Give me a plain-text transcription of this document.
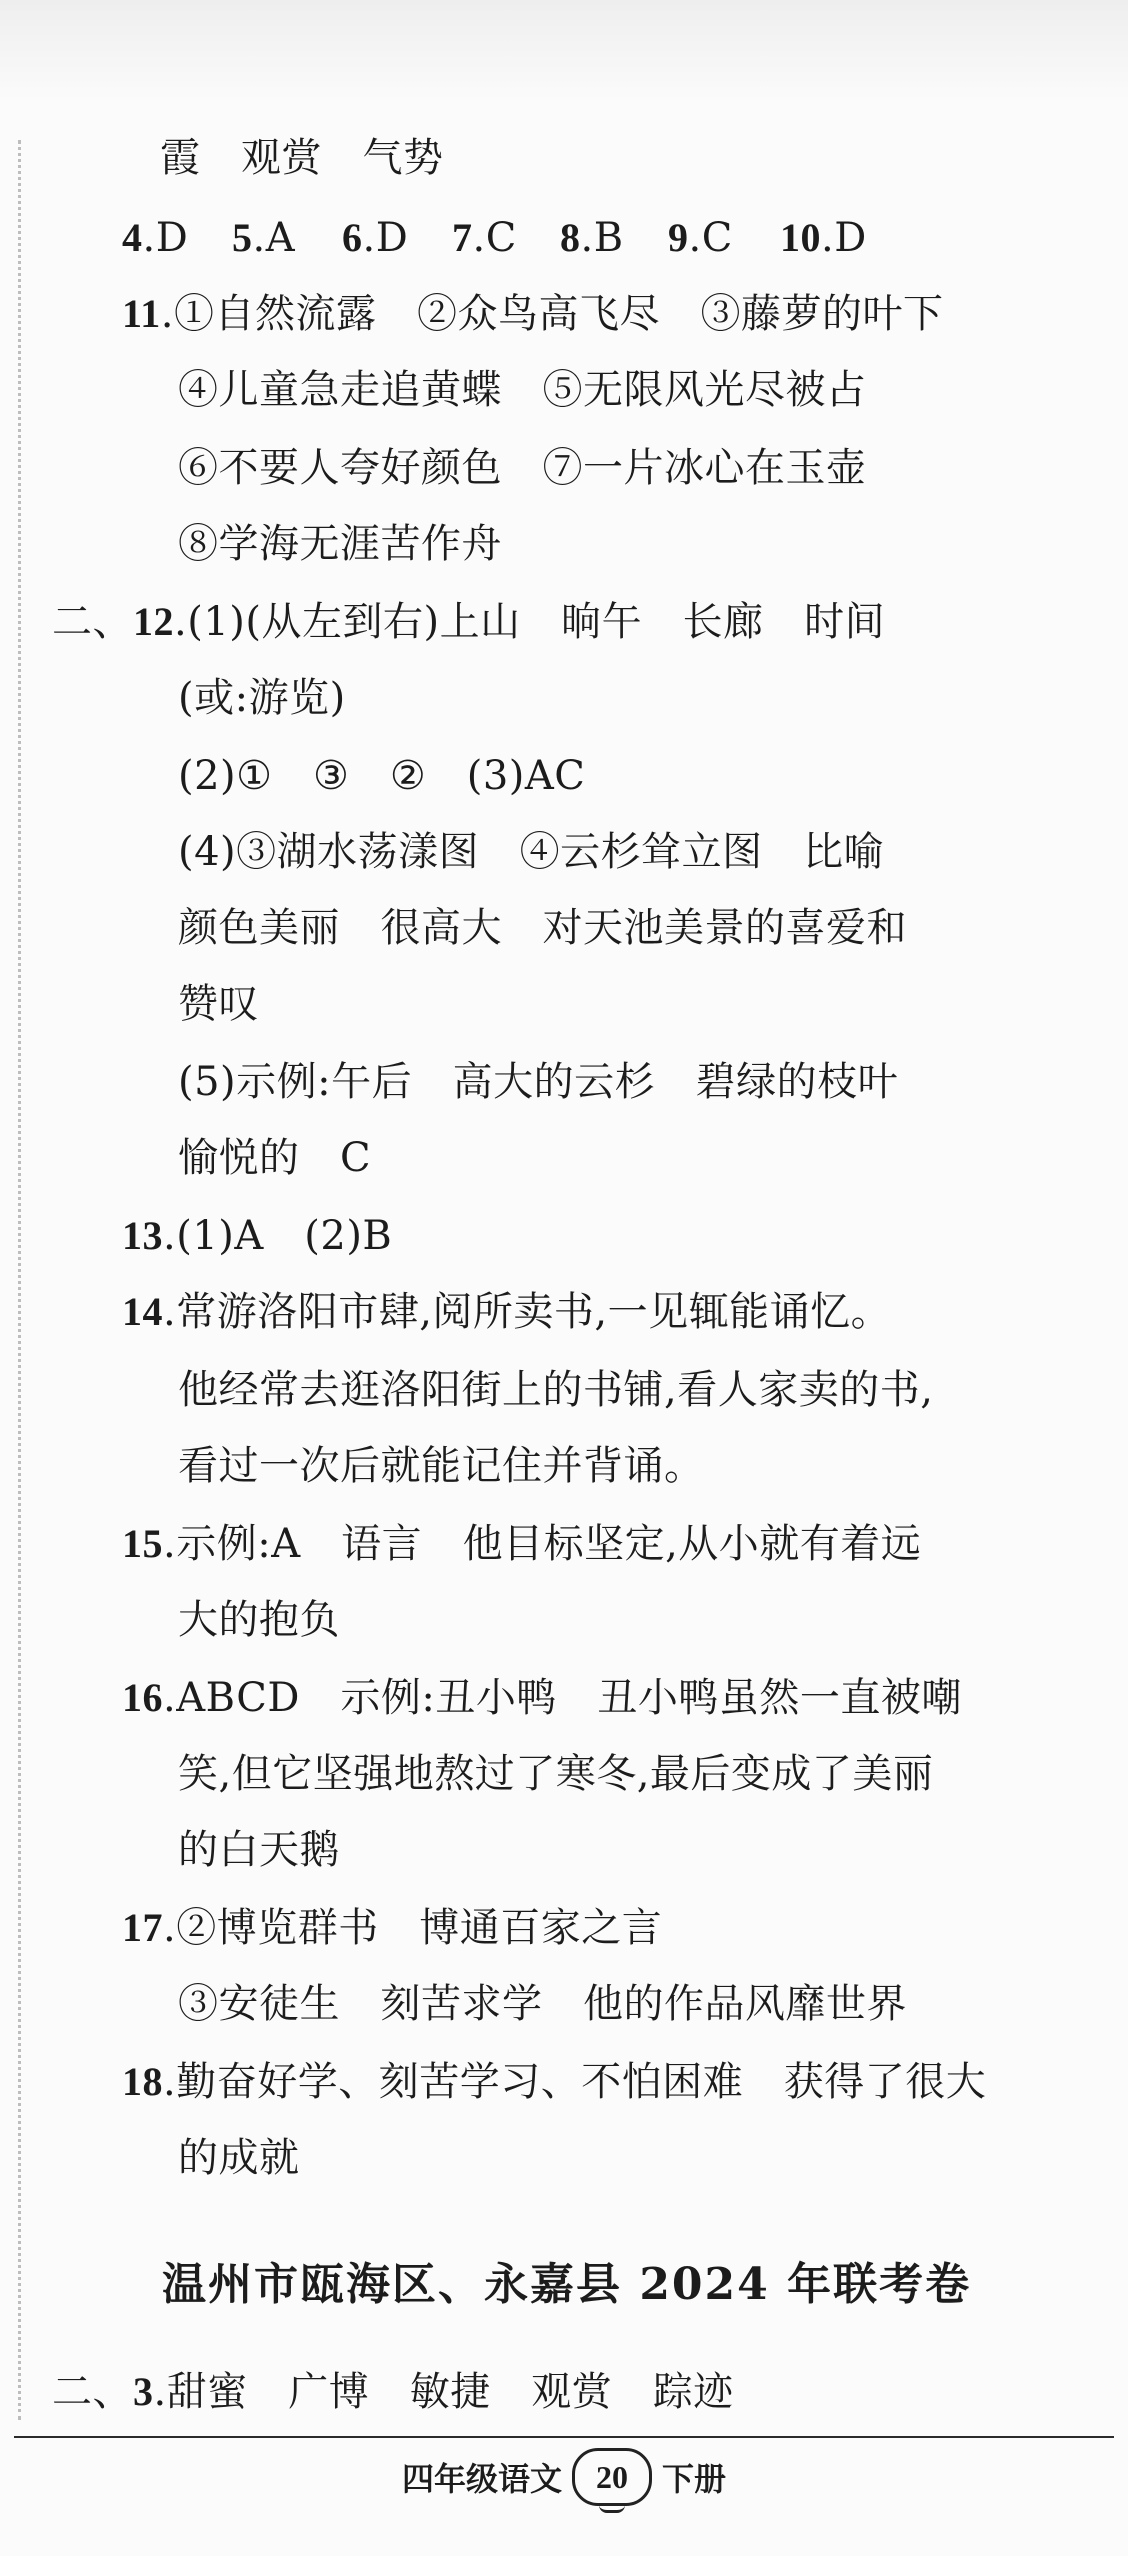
霞　观赏　气势
4.D 5.A 6.D 7.C 8.B 9.C 10.D
11.①自然流露　②众鸟高飞尽　③藤萝的叶下
④儿童急走追黄蝶　⑤无限风光尽被占
⑥不要人夸好颜色　⑦一片冰心在玉壶
⑧学海无涯苦作舟
二、12.(1)(从左到右)上山　晌午　长廊　时间
(或:游览)
(2)①　③　②　(3)AC
(4)③湖水荡漾图　④云杉耸立图　比喻
颜色美丽　很高大　对天池美景的喜爱和
赞叹
(5)示例:午后　高大的云杉　碧绿的枝叶
愉悦的　C
13.(1)A　(2)B
14.常游洛阳市肆,阅所卖书,一见辄能诵忆。
他经常去逛洛阳街上的书铺,看人家卖的书,
看过一次后就能记住并背诵。
15.示例:A　语言　他目标坚定,从小就有着远
大的抱负
16.ABCD　示例:丑小鸭　丑小鸭虽然一直被嘲
笑,但它坚强地熬过了寒冬,最后变成了美丽
的白天鹅
17.②博览群书　博通百家之言
③安徒生　刻苦求学　他的作品风靡世界
18.勤奋好学、刻苦学习、不怕困难　获得了很大
的成就
温州市瓯海区、永嘉县 2024 年联考卷
二、3.甜蜜　广博　敏捷　观赏　踪迹
四年级语文 20 下册
